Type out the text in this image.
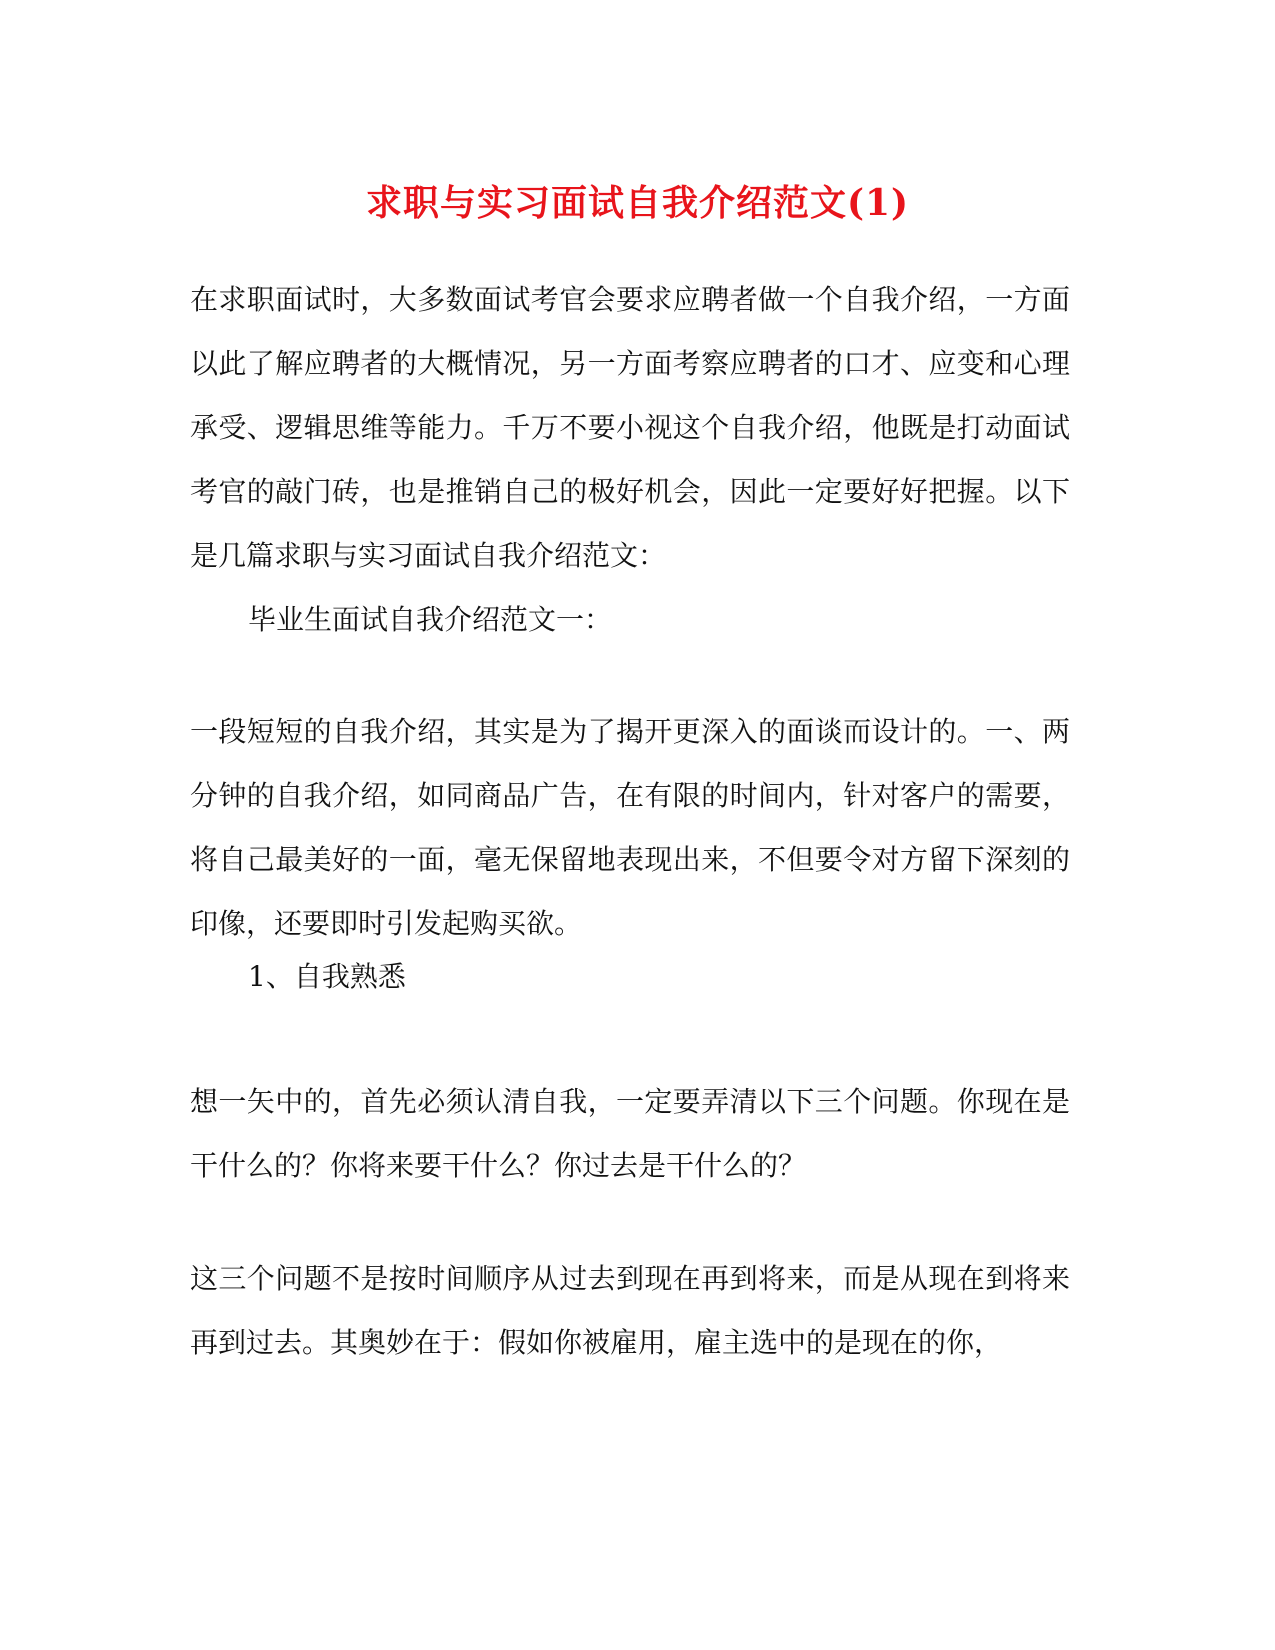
求职与实习面试自我介绍范文(1)

在求职面试时，大多数面试考官会要求应聘者做一个自我介绍，一方面以此了解应聘者的大概情况，另一方面考察应聘者的口才、应变和心理承受、逻辑思维等能力。千万不要小视这个自我介绍，他既是打动面试考官的敲门砖，也是推销自己的极好机会，因此一定要好好把握。以下是几篇求职与实习面试自我介绍范文：

毕业生面试自我介绍范文一：

一段短短的自我介绍，其实是为了揭开更深入的面谈而设计的。一、两分钟的自我介绍，如同商品广告，在有限的时间内，针对客户的需要，将自己最美好的一面，毫无保留地表现出来，不但要令对方留下深刻的印像，还要即时引发起购买欲。

1、自我熟悉

想一矢中的，首先必须认清自我，一定要弄清以下三个问题。你现在是干什么的？你将来要干什么？你过去是干什么的？

这三个问题不是按时间顺序从过去到现在再到将来，而是从现在到将来再到过去。其奥妙在于：假如你被雇用，雇主选中的是现在的你，
